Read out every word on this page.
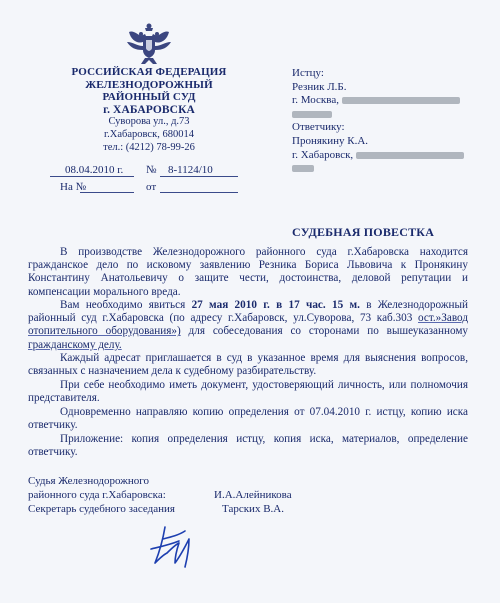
РОССИЙСКАЯ ФЕДЕРАЦИЯ
ЖЕЛЕЗНОДОРОЖНЫЙ
РАЙОННЫЙ СУД
г. ХАБАРОВСКА
Суворова ул., д.73
г.Хабаровск, 680014
тел.: (4212) 78-99-26
08.04.2010 г. № 8-1124/10
На №	от
Истцу:
Резник Л.Б.
г. Москва,
Ответчику:
Пронякину К.А.
г. Хабаровск,
СУДЕБНАЯ ПОВЕСТКА

В производстве Железнодорожного районного суда г.Хабаровска находится гражданское дело по исковому заявлению Резника Бориса Львовича к Пронякину Константину Анатольевичу о защите чести, достоинства, деловой репутации и компенсации морального вреда.

Вам необходимо явиться 27 мая 2010 г. в 17 час. 15 м. в Железнодорожный районный суд г.Хабаровска (по адресу г.Хабаровск, ул.Суворова, 73 каб.303 ост.»Завод отопительного оборудования») для собеседования со сторонами по вышеуказанному гражданскому делу.

Каждый адресат приглашается в суд в указанное время для выяснения вопросов, связанных с назначением дела к судебному разбирательству.

При себе необходимо иметь документ, удостоверяющий личность, или полномочия представителя.

Одновременно направляю копию определения от 07.04.2010 г. истцу, копию иска ответчику.

Приложение: копия определения истцу, копия иска, материалов, определение ответчику.

Судья Железнодорожного
районного суда г.Хабаровска:	И.А.Алейникова
Секретарь судебного заседания	Тарских В.А.
